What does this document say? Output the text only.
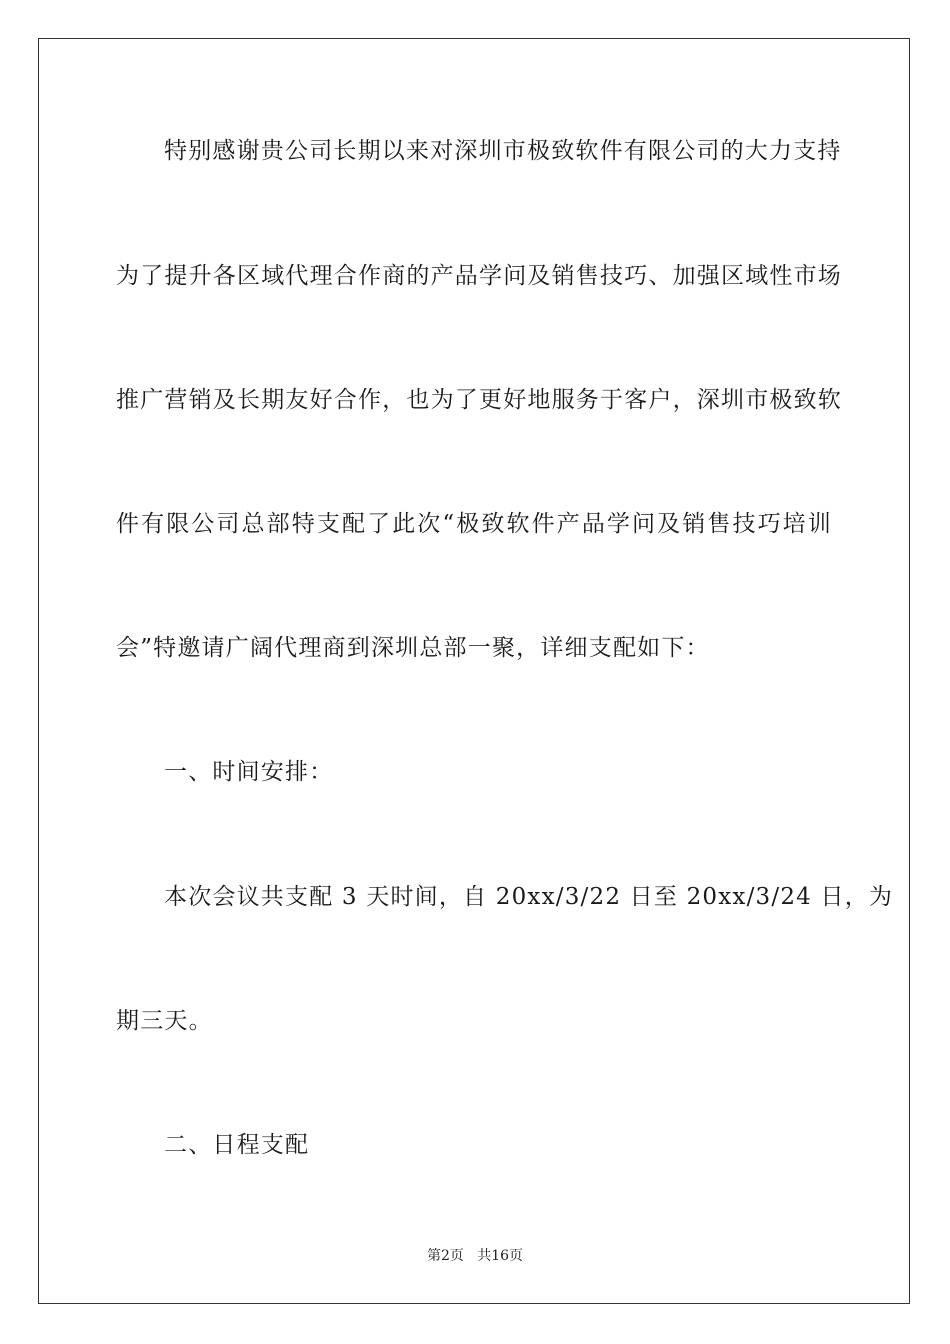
特别感谢贵公司长期以来对深圳市极致软件有限公司的大力支持
为了提升各区域代理合作商的产品学问及销售技巧、加强区域性市场
推广营销及长期友好合作，也为了更好地服务于客户，深圳市极致软
件有限公司总部特支配了此次“极致软件产品学问及销售技巧培训
会”特邀请广阔代理商到深圳总部一聚，详细支配如下：
一、时间安排：
本次会议共支配 3 天时间，自 20xx/3/22 日至 20xx/3/24 日，为
期三天。
二、日程支配
第2页 共16页
